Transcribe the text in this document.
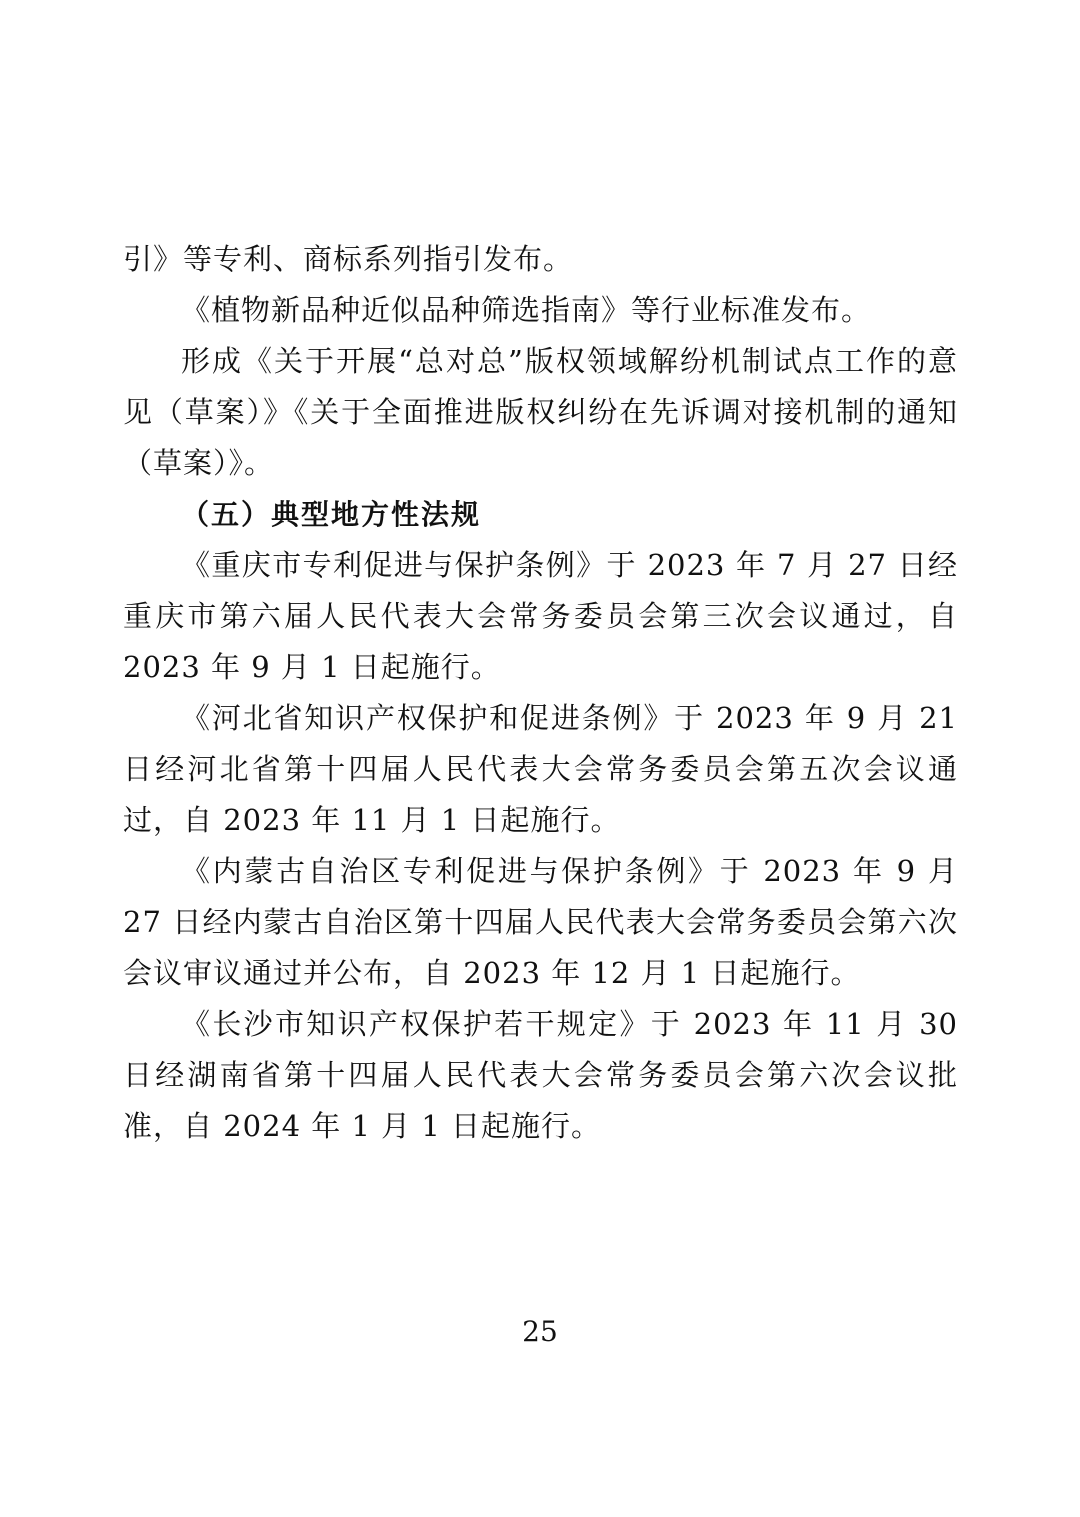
引》等专利、商标系列指引发布。

《植物新品种近似品种筛选指南》等行业标准发布。

形成《关于开展“总对总”版权领域解纷机制试点工作的意见（草案）》《关于全面推进版权纠纷在先诉调对接机制的通知（草案）》。

（五）典型地方性法规

《重庆市专利促进与保护条例》于 2023 年 7 月 27 日经重庆市第六届人民代表大会常务委员会第三次会议通过，自 2023 年 9 月 1 日起施行。

《河北省知识产权保护和促进条例》于 2023 年 9 月 21 日经河北省第十四届人民代表大会常务委员会第五次会议通过，自 2023 年 11 月 1 日起施行。

《内蒙古自治区专利促进与保护条例》于 2023 年 9 月 27 日经内蒙古自治区第十四届人民代表大会常务委员会第六次会议审议通过并公布，自 2023 年 12 月 1 日起施行。

《长沙市知识产权保护若干规定》于 2023 年 11 月 30 日经湖南省第十四届人民代表大会常务委员会第六次会议批准，自 2024 年 1 月 1 日起施行。

25
